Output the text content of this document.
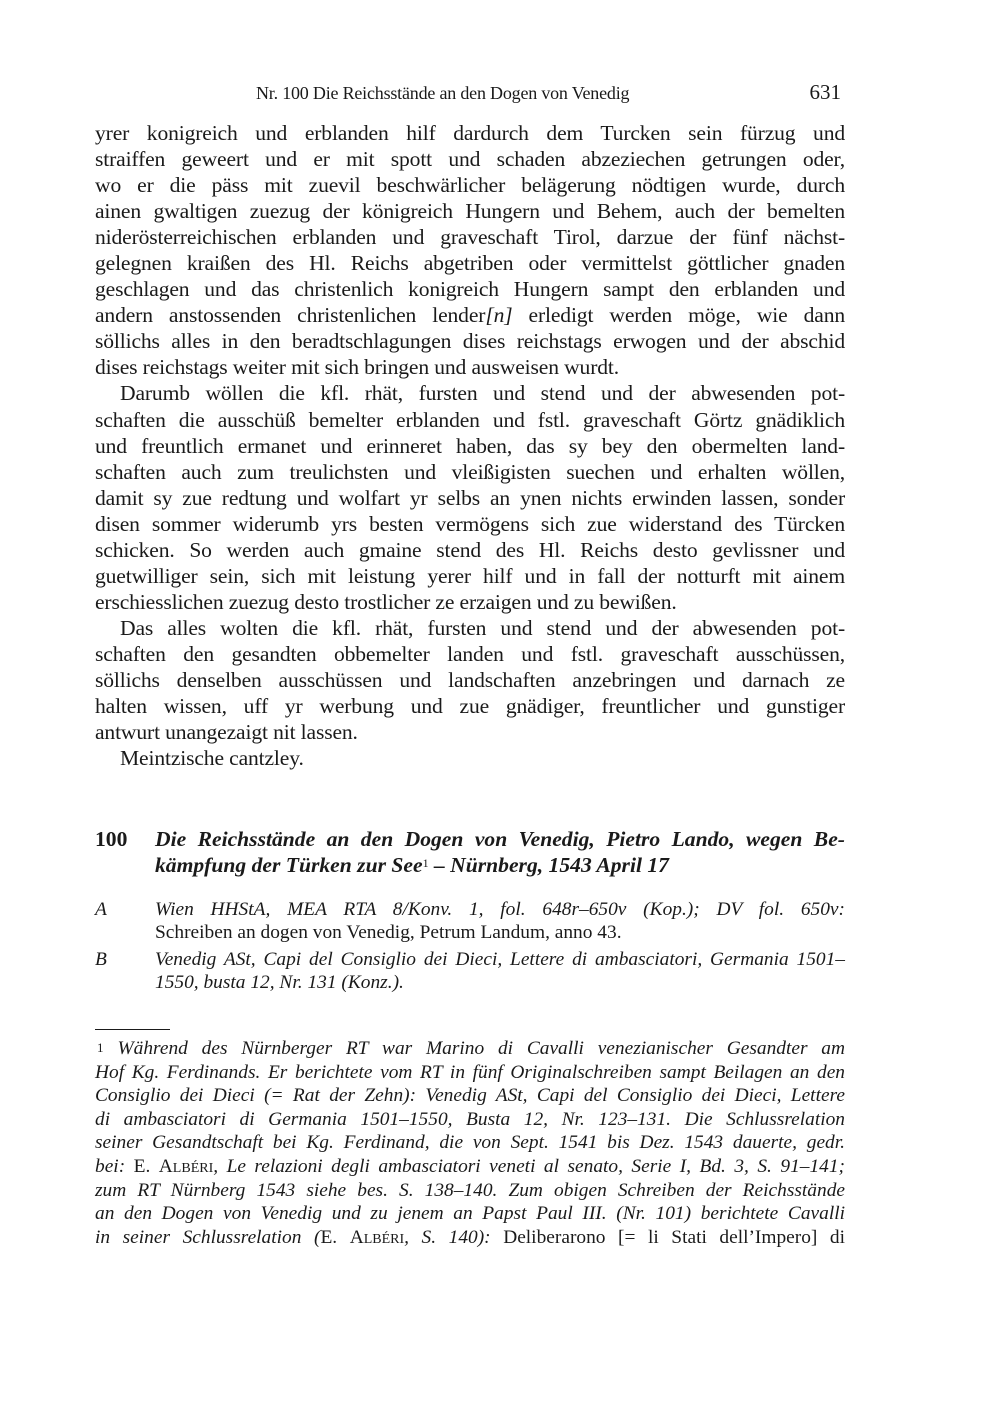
Nr. 100 Die Reichsstände an den Dogen von Venedig	631
yrer konigreich und erblanden hilf dardurch dem Turcken sein fürzug und
straiffen geweert und er mit spott und schaden abzeziechen getrungen oder,
wo er die päss mit zuevil beschwärlicher belägerung nödtigen wurde, durch
ainen gwaltigen zuezug der königreich Hungern und Behem, auch der bemelten
niderösterreichischen erblanden und graveschaft Tirol, darzue der fünf nächst-
gelegnen kraißen des Hl. Reichs abgetriben oder vermittelst göttlicher gnaden
geschlagen und das christenlich konigreich Hungern sampt den erblanden und
andern anstossenden christenlichen lender[n] erledigt werden möge, wie dann
söllichs alles in den beradtschlagungen dises reichstags erwogen und der abschid
dises reichstags weiter mit sich bringen und ausweisen wurdt.
Darumb wöllen die kfl. rhät, fursten und stend und der abwesenden pot-
schaften die ausschüß bemelter erblanden und fstl. graveschaft Görtz gnädiklich
und freuntlich ermanet und erinneret haben, das sy bey den obermelten land-
schaften auch zum treulichsten und vleißigisten suechen und erhalten wöllen,
damit sy zue redtung und wolfart yr selbs an ynen nichts erwinden lassen, sonder
disen sommer widerumb yrs besten vermögens sich zue widerstand des Türcken
schicken. So werden auch gmaine stend des Hl. Reichs desto gevlissner und
guetwilliger sein, sich mit leistung yerer hilf und in fall der notturft mit ainem
erschiesslichen zuezug desto trostlicher ze erzaigen und zu bewißen.
Das alles wolten die kfl. rhät, fursten und stend und der abwesenden pot-
schaften den gesandten obbemelter landen und fstl. graveschaft ausschüssen,
söllichs denselben ausschüssen und landschaften anzebringen und darnach ze
halten wissen, uff yr werbung und zue gnädiger, freuntlicher und gunstiger
antwurt unangezaigt nit lassen.
Meintzische cantzley.
100 Die Reichsstände an den Dogen von Venedig, Pietro Lando, wegen Be-
kämpfung der Türken zur See$^1$ – Nürnberg, 1543 April 17
A Wien HHStA, MEA RTA 8/Konv. 1, fol. 648r–650v (Kop.); DV fol. 650v:
Schreiben an dogen von Venedig, Petrum Landum, anno 43.
B Venedig ASt, Capi del Consiglio dei Dieci, Lettere di ambasciatori, Germania 1501–
1550, busta 12, Nr. 131 (Konz.).
1 Während des Nürnberger RT war Marino di Cavalli venezianischer Gesandter am
Hof Kg. Ferdinands. Er berichtete vom RT in fünf Originalschreiben sampt Beilagen an den
Consiglio dei Dieci (= Rat der Zehn): Venedig ASt, Capi del Consiglio dei Dieci, Lettere
di ambasciatori di Germania 1501–1550, Busta 12, Nr. 123–131. Die Schlussrelation
seiner Gesandtschaft bei Kg. Ferdinand, die von Sept. 1541 bis Dez. 1543 dauerte, gedr.
bei: E. Albéri, Le relazioni degli ambasciatori veneti al senato, Serie I, Bd. 3, S. 91–141;
zum RT Nürnberg 1543 siehe bes. S. 138–140. Zum obigen Schreiben der Reichsstände
an den Dogen von Venedig und zu jenem an Papst Paul III. (Nr. 101) berichtete Cavalli
in seiner Schlussrelation (E. Albéri, S. 140): Deliberarono [= li Stati dell’Impero] di
